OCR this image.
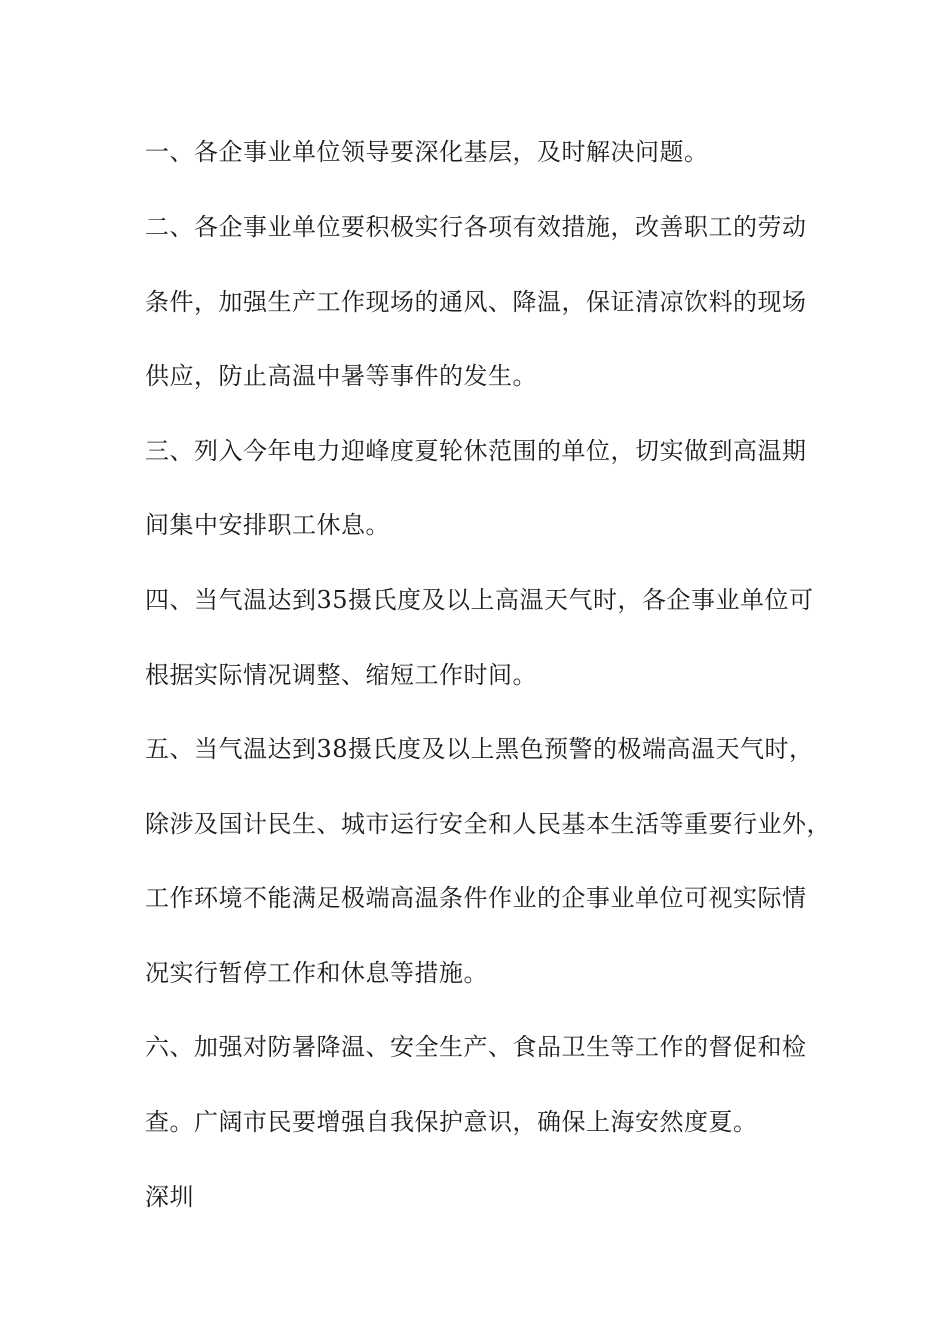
一、各企事业单位领导要深化基层，及时解决问题。

二、各企事业单位要积极实行各项有效措施，改善职工的劳动

条件，加强生产工作现场的通风、降温，保证清凉饮料的现场

供应，防止高温中暑等事件的发生。

三、列入今年电力迎峰度夏轮休范围的单位，切实做到高温期

间集中安排职工休息。

四、当气温达到35摄氏度及以上高温天气时，各企事业单位可

根据实际情况调整、缩短工作时间。

五、当气温达到38摄氏度及以上黑色预警的极端高温天气时，

除涉及国计民生、城市运行安全和人民基本生活等重要行业外，

工作环境不能满足极端高温条件作业的企事业单位可视实际情

况实行暂停工作和休息等措施。

六、加强对防暑降温、安全生产、食品卫生等工作的督促和检

查。广阔市民要增强自我保护意识，确保上海安然度夏。

深圳
